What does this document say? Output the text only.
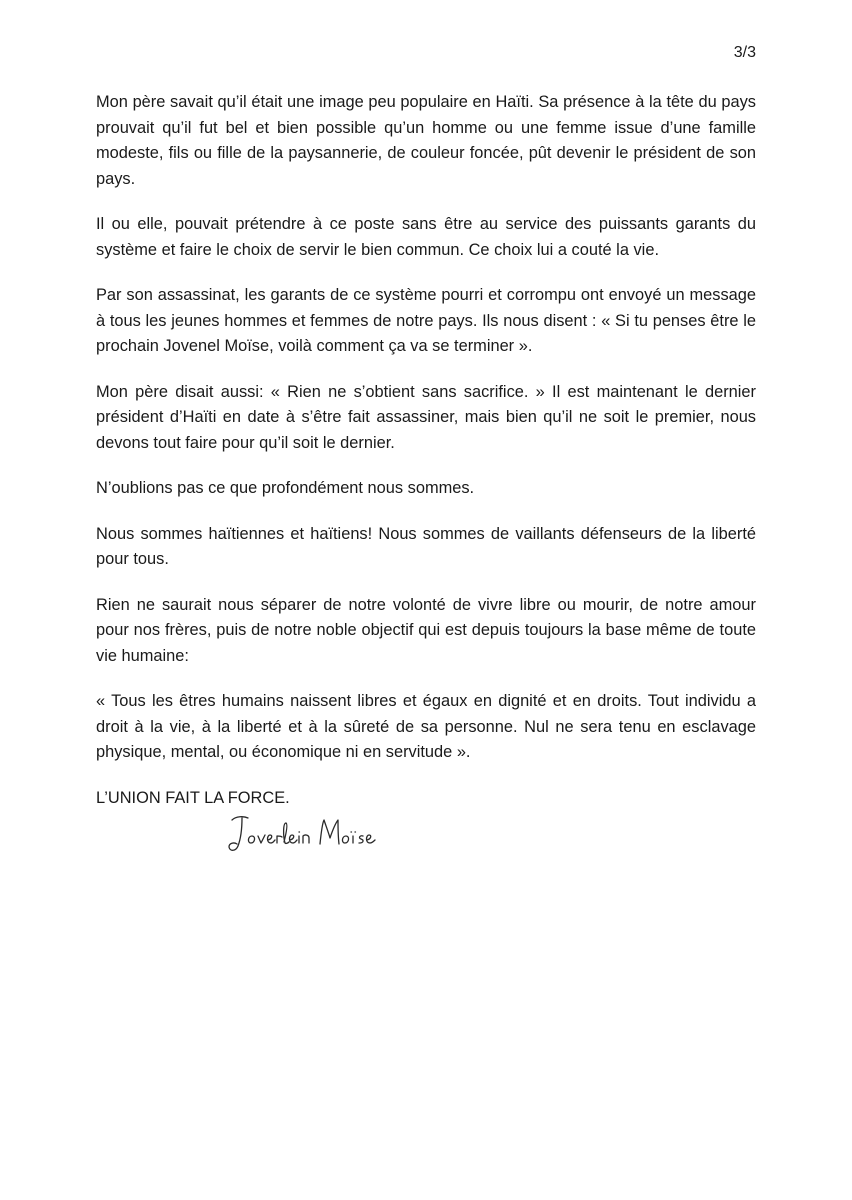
3/3

Mon père savait qu’il était une image peu populaire en Haïti. Sa présence à la tête du pays prouvait qu’il fut bel et bien possible qu’un homme ou une femme issue d’une famille modeste, fils ou fille de la paysannerie, de couleur foncée, pût devenir le président de son pays.

Il ou elle, pouvait prétendre à ce poste sans être au service des puissants garants du système et faire le choix de servir le bien commun. Ce choix lui a couté la vie.

Par son assassinat, les garants de ce système pourri et corrompu ont envoyé un message à tous les jeunes hommes et femmes de notre pays. Ils nous disent : « Si tu penses être le prochain Jovenel Moïse, voilà comment ça va se terminer ».

Mon père disait aussi: « Rien ne s’obtient sans sacrifice. » Il est maintenant le dernier président d’Haïti en date à s’être fait assassiner, mais bien qu’il ne soit le premier, nous devons tout faire pour qu’il soit le dernier.

N’oublions pas ce que profondément nous sommes.

Nous sommes haïtiennes et haïtiens! Nous sommes de vaillants défenseurs de la liberté pour tous.

Rien ne saurait nous séparer de notre volonté de vivre libre ou mourir, de notre amour pour nos frères, puis de notre noble objectif qui est depuis toujours la base même de toute vie humaine:

« Tous les êtres humains naissent libres et égaux en dignité et en droits. Tout individu a droit à la vie, à la liberté et à la sûreté de sa personne. Nul ne sera tenu en esclavage physique, mental, ou économique ni en servitude ».

L’UNION FAIT LA FORCE.
